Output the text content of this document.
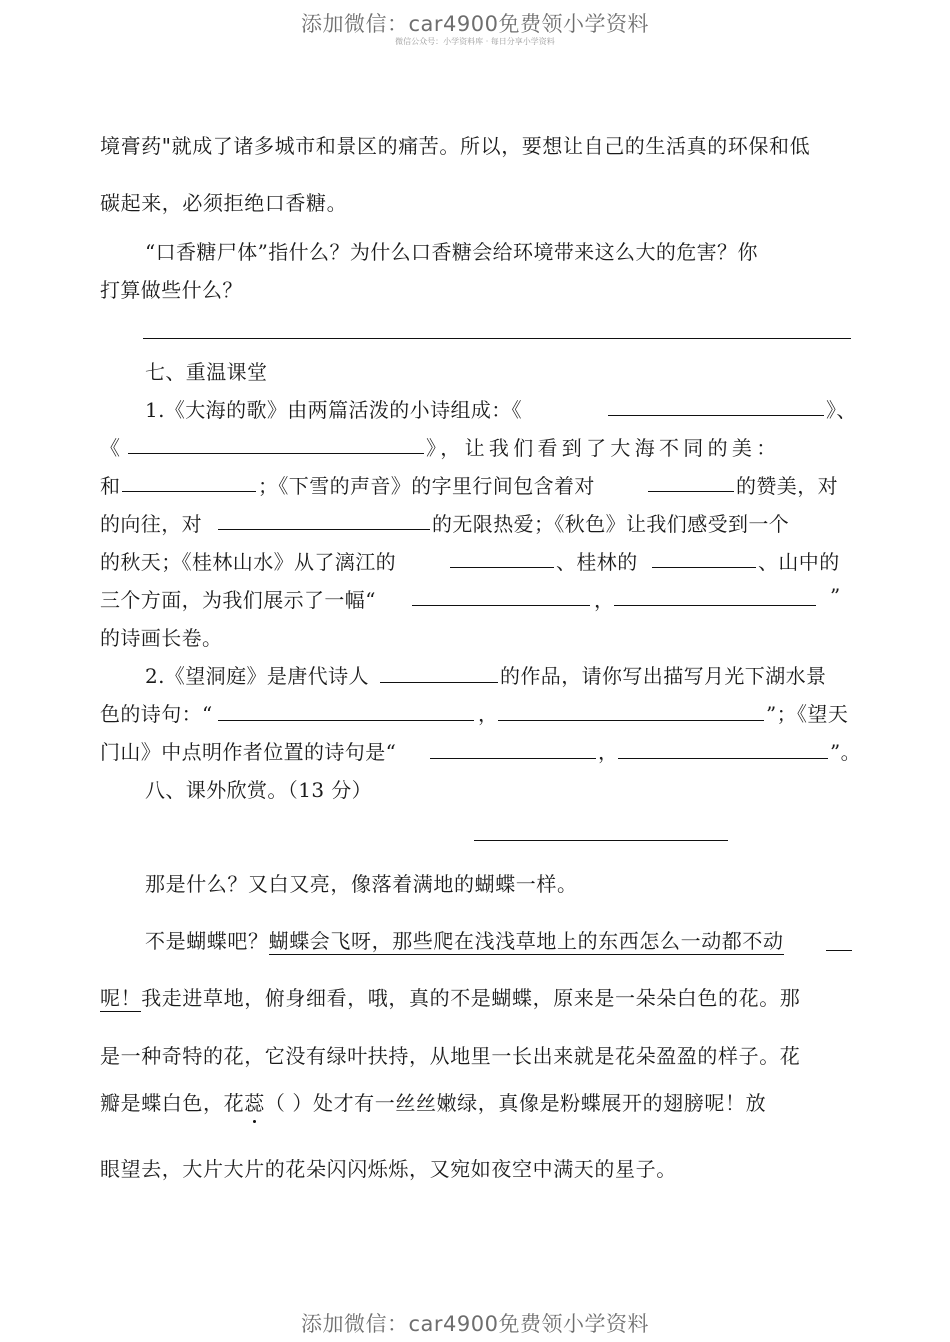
添加微信：car4900免费领小学资料
微信公众号：小学资料库 · 每日分享小学资料
境膏药"就成了诸多城市和景区的痛苦。所以，要想让自己的生活真的环保和低
碳起来，必须拒绝口香糖。
“口香糖尸体”指什么？为什么口香糖会给环境带来这么大的危害？你
打算做些什么？
七、重温课堂
1.《大海的歌》由两篇活泼的小诗组成：《	》、
《	》，让我们看到了大海不同的美：
和	；《下雪的声音》的字里行间包含着对	的赞美，对
的向往，对	的无限热爱；《秋色》让我们感受到一个
的秋天；《桂林山水》从了漓江的	、桂林的	、山中的
三个方面，为我们展示了一幅“	，	”
的诗画长卷。
2.《望洞庭》是唐代诗人	的作品，请你写出描写月光下湖水景
色的诗句：“	，	”；《望天
门山》中点明作者位置的诗句是“	，	”。
八、课外欣赏。（13 分）
那是什么？又白又亮，像落着满地的蝴蝶一样。
不是蝴蝶吧？蝴蝶会飞呀，那些爬在浅浅草地上的东西怎么一动都不动
呢！我走进草地，俯身细看，哦，真的不是蝴蝶，原来是一朵朵白色的花。那
是一种奇特的花，它没有绿叶扶持，从地里一长出来就是花朵盈盈的样子。花
瓣是蝶白色，花蕊（ ）处才有一丝丝嫩绿，真像是粉蝶展开的翅膀呢！放
眼望去，大片大片的花朵闪闪烁烁，又宛如夜空中满天的星子。
添加微信：car4900免费领小学资料
